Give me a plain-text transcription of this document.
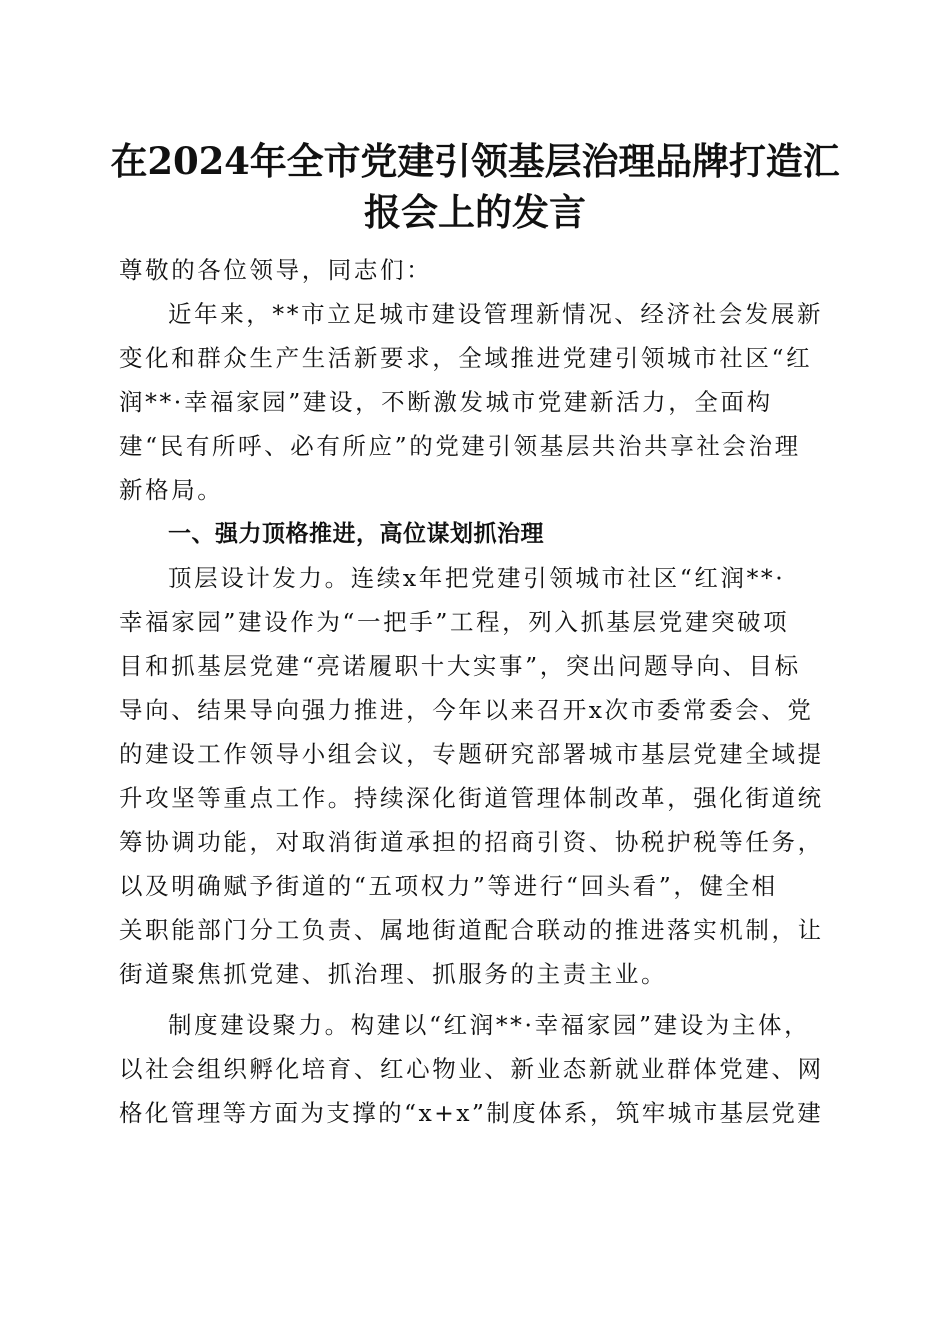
在2024年全市党建引领基层治理品牌打造汇
报会上的发言
尊敬的各位领导，同志们：
近年来，**市立足城市建设管理新情况、经济社会发展新
变化和群众生产生活新要求，全域推进党建引领城市社区“红
润**·幸福家园”建设，不断激发城市党建新活力，全面构
建“民有所呼、必有所应”的党建引领基层共治共享社会治理
新格局。
一、强力顶格推进，高位谋划抓治理
顶层设计发力。连续x年把党建引领城市社区“红润**·
幸福家园”建设作为“一把手”工程，列入抓基层党建突破项
目和抓基层党建“亮诺履职十大实事”，突出问题导向、目标
导向、结果导向强力推进，今年以来召开x次市委常委会、党
的建设工作领导小组会议，专题研究部署城市基层党建全域提
升攻坚等重点工作。持续深化街道管理体制改革，强化街道统
筹协调功能，对取消街道承担的招商引资、协税护税等任务，
以及明确赋予街道的“五项权力”等进行“回头看”，健全相
关职能部门分工负责、属地街道配合联动的推进落实机制，让
街道聚焦抓党建、抓治理、抓服务的主责主业。
制度建设聚力。构建以“红润**·幸福家园”建设为主体，
以社会组织孵化培育、红心物业、新业态新就业群体党建、网
格化管理等方面为支撑的“x+x”制度体系，筑牢城市基层党建
